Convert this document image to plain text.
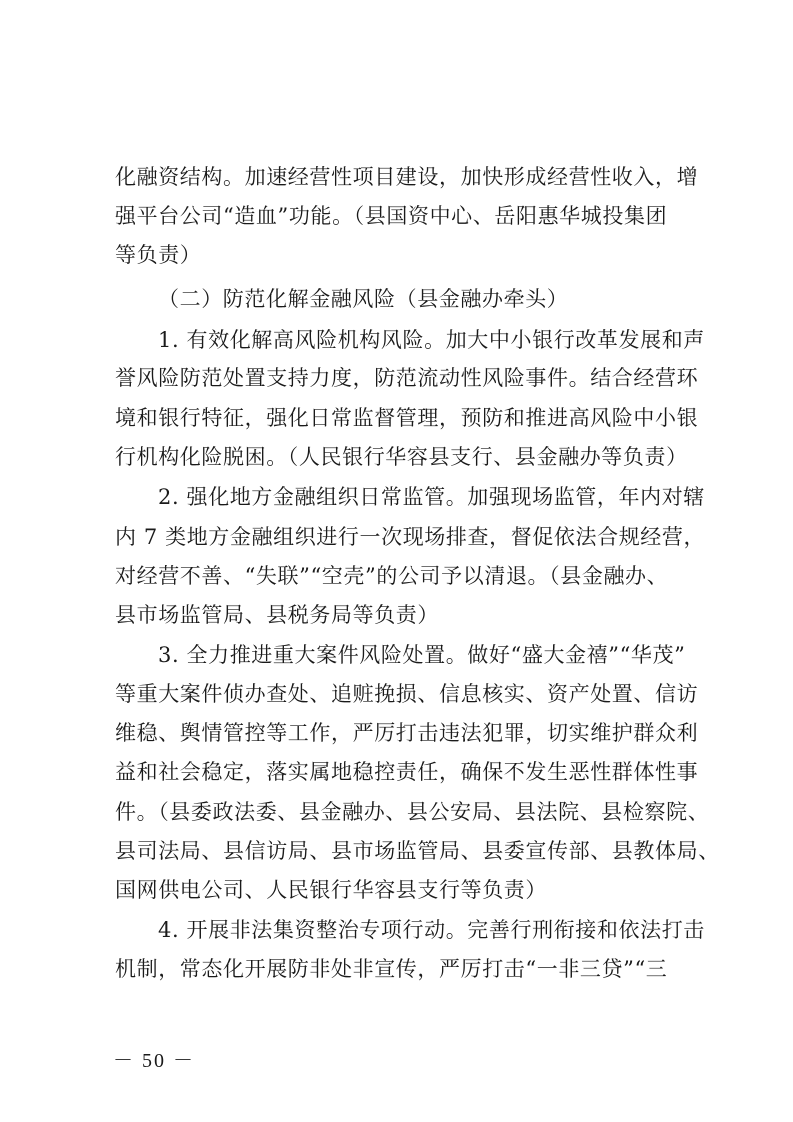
化融资结构。加速经营性项目建设，加快形成经营性收入，增
强平台公司“造血”功能。（县国资中心、岳阳惠华城投集团
等负责）
（二）防范化解金融风险（县金融办牵头）
1. 有效化解高风险机构风险。加大中小银行改革发展和声
誉风险防范处置支持力度，防范流动性风险事件。结合经营环
境和银行特征，强化日常监督管理，预防和推进高风险中小银
行机构化险脱困。（人民银行华容县支行、县金融办等负责）
2. 强化地方金融组织日常监管。加强现场监管，年内对辖
内 7 类地方金融组织进行一次现场排查，督促依法合规经营，
对经营不善、“失联”“空壳”的公司予以清退。（县金融办、
县市场监管局、县税务局等负责）
3. 全力推进重大案件风险处置。做好“盛大金禧”“华茂”
等重大案件侦办查处、追赃挽损、信息核实、资产处置、信访
维稳、舆情管控等工作，严厉打击违法犯罪，切实维护群众利
益和社会稳定，落实属地稳控责任，确保不发生恶性群体性事
件。（县委政法委、县金融办、县公安局、县法院、县检察院、
县司法局、县信访局、县市场监管局、县委宣传部、县教体局、
国网供电公司、人民银行华容县支行等负责）
4. 开展非法集资整治专项行动。完善行刑衔接和依法打击
机制，常态化开展防非处非宣传，严厉打击“一非三贷”“三
－ 50 －
